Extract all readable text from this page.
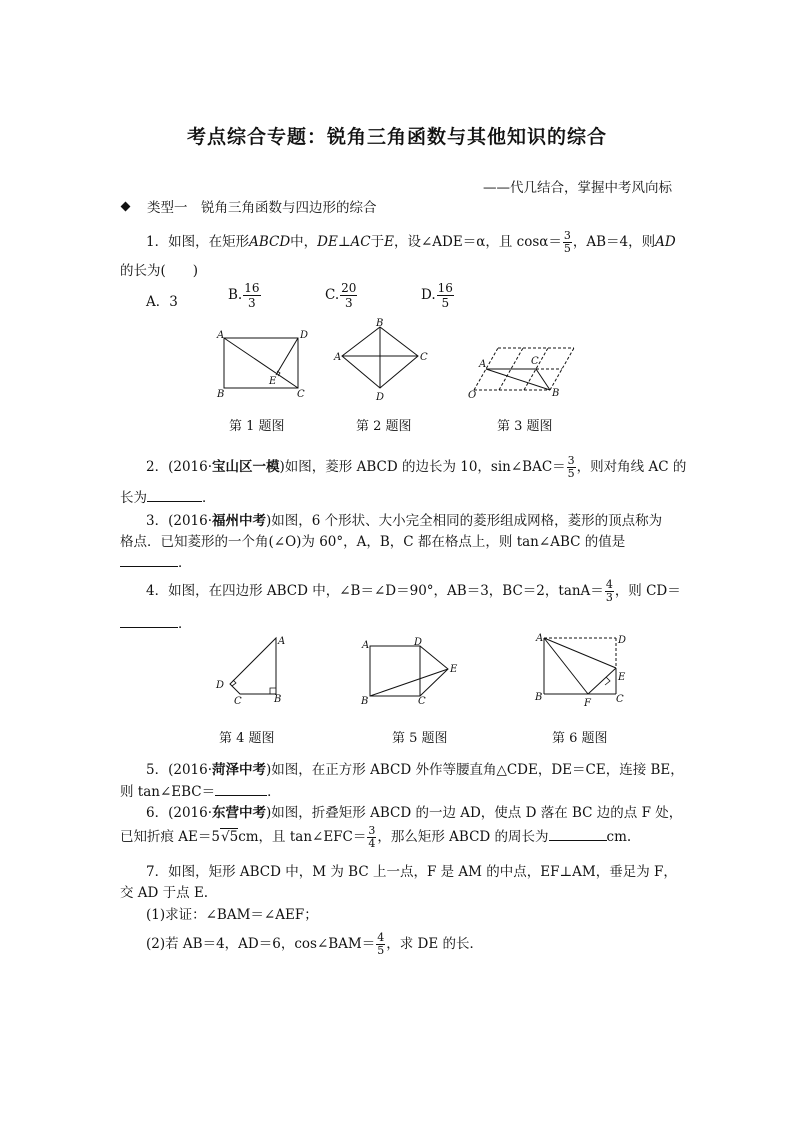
考点综合专题：锐角三角函数与其他知识的综合
——代几结合，掌握中考风向标
类型一　锐角三角函数与四边形的综合
1．如图，在矩形ABCD中，DE⊥AC于E，设∠ADE＝α，且 $\cos\alpha= \frac{3}{5}$ ，AB＝4，则AD
的长为(　　)
A．3	B. $\frac{16}{3}$	C. $\frac{20}{3}$	D. $\frac{16}{5}$
A	D
B	C
E
A
B
C
D
A	C
B
O
第 1 题图	第 2 题图	第 3 题图
2．(2016·宝山区一模)如图，菱形 ABCD 的边长为 10，sin∠BAC＝ $\frac{3}{5}$ ，则对角线 AC 的
长为	．
3．(2016·福州中考)如图，6 个形状、大小完全相同的菱形组成网格，菱形的顶点称为
格点．已知菱形的一个角(∠O)为 60°，A，B，C 都在格点上，则 tan∠ABC 的值是
．
4．如图，在四边形 ABCD 中，∠B＝∠D＝90°，AB＝3，BC＝2，$\tan A= \frac{4}{3}$ ，则 CD＝
．
A
D
C	B
A	D
E
B	C
A	D
E
B
F	C
第 4 题图	第 5 题图	第 6 题图
5．(2016·菏泽中考)如图，在正方形 ABCD 外作等腰直角△CDE，DE＝CE，连接 BE，
则 tan∠EBC＝	．
6．(2016·东营中考)如图，折叠矩形 ABCD 的一边 AD，使点 D 落在 BC 边的点 F 处，
已知折痕 AE＝5√5cm，且 tan∠EFC＝ $\frac{3}{4}$ ，那么矩形 ABCD 的周长为	cm.
7．如图，矩形 ABCD 中，M 为 BC 上一点，F 是 AM 的中点，EF⊥AM，垂足为 F，
交 AD 于点 E.
(1)求证：∠BAM＝∠AEF；
(2)若 AB＝4，AD＝6，cos∠BAM＝ $\frac{4}{5}$ ，求 DE 的长．
